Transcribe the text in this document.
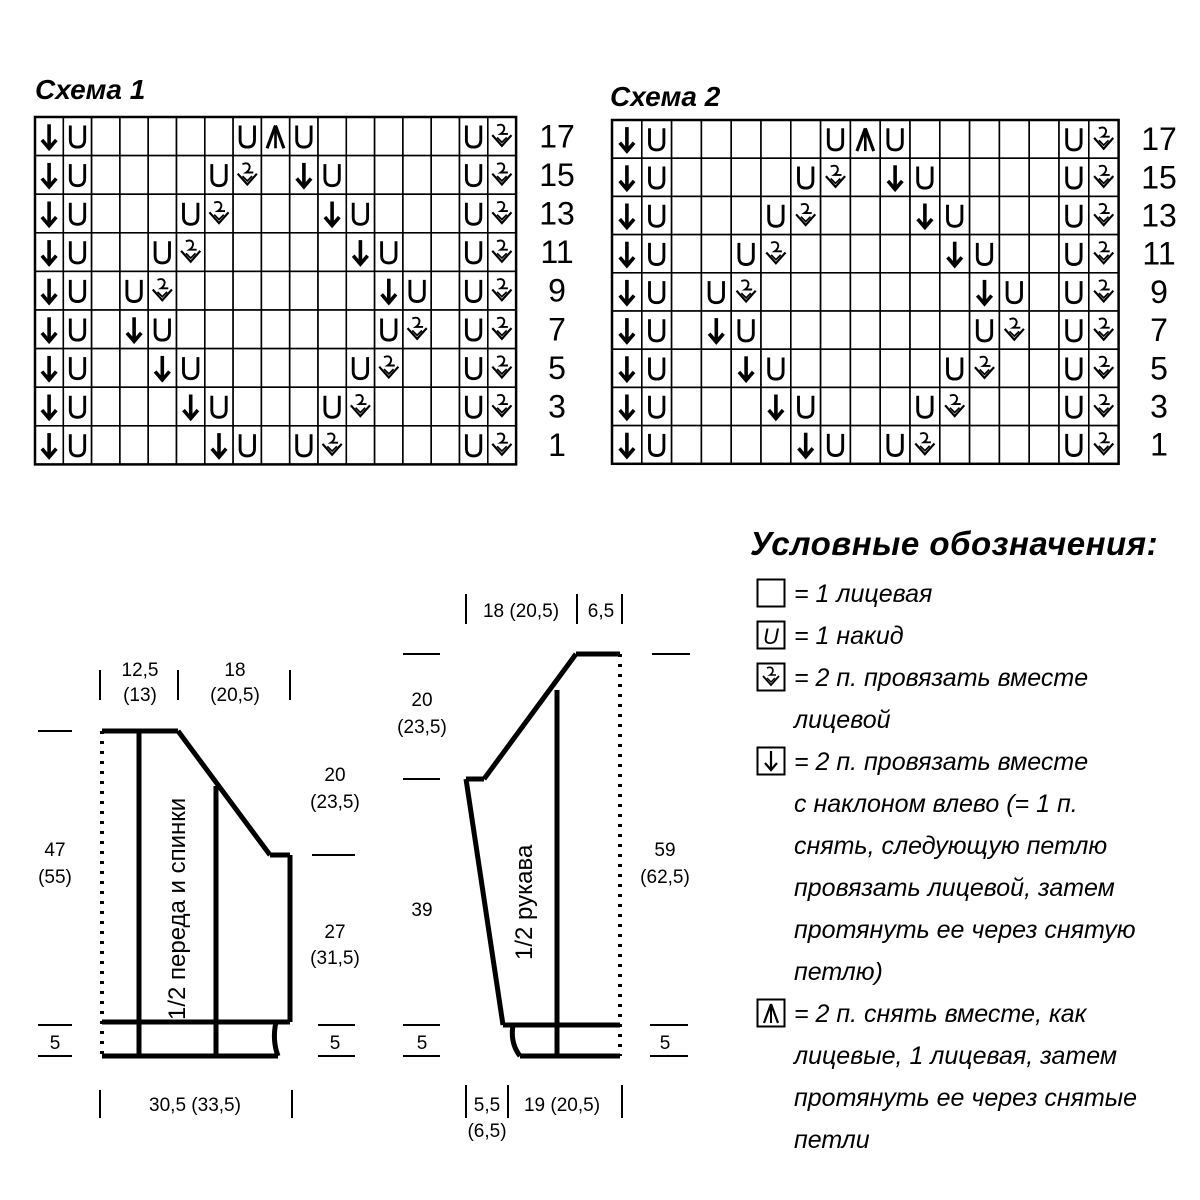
Схема 1
17
15
13
11
9
7
5
3
1
Схема 2
17
15
13
11
9
7
5
3
1
1/2 переда и спинки
12,5
(13)
18
(20,5)
47
(55)
20
(23,5)
27
(31,5)
5	5
30,5 (33,5)
1/2 рукава
18 (20,5) 6,5
20
(23,5)
39
59
(62,5)
5	5
5,5
(6,5)
19 (20,5)
Условные обозначения:
= 1 лицевая
U = 1 накид
= 2 п. провязать вместе
лицевой
= 2 п. провязать вместе
с наклоном влево (= 1 п.
снять, следующую петлю
провязать лицевой, затем
протянуть ее через снятую
петлю)
= 2 п. снять вместе, как
лицевые, 1 лицевая, затем
протянуть ее через снятые
петли
